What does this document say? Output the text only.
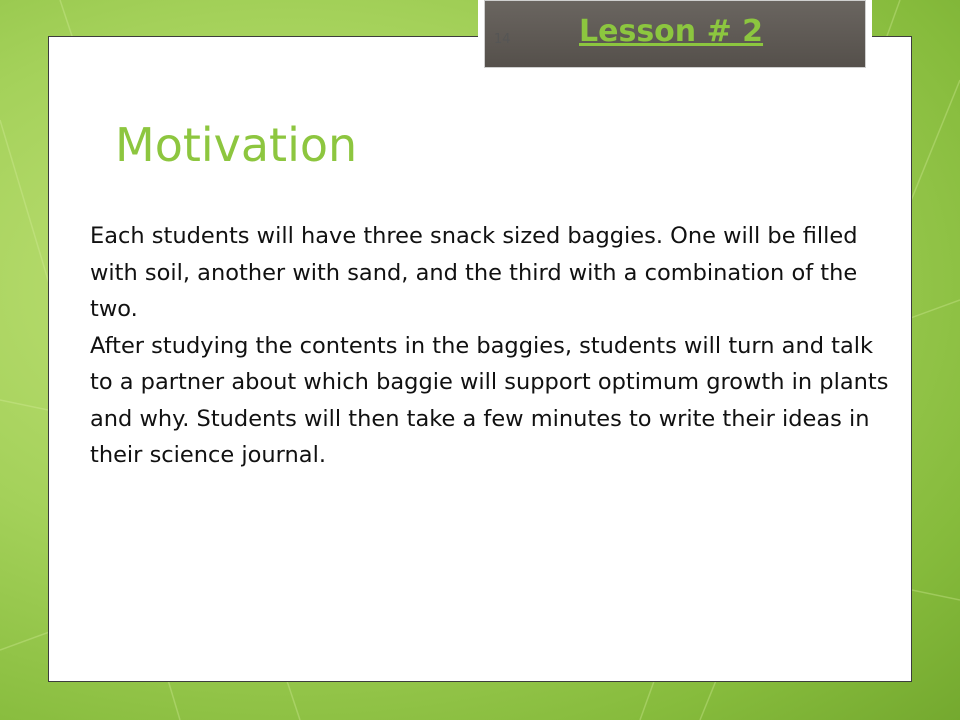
14 Lesson # 2
Motivation

Each students will have three snack sized baggies. One will be filled with soil, another with sand, and the third with a combination of the two.

After studying the contents in the baggies, students will turn and talk to a partner about which baggie will support optimum growth in plants and why. Students will then take a few minutes to write their ideas in their science journal.
